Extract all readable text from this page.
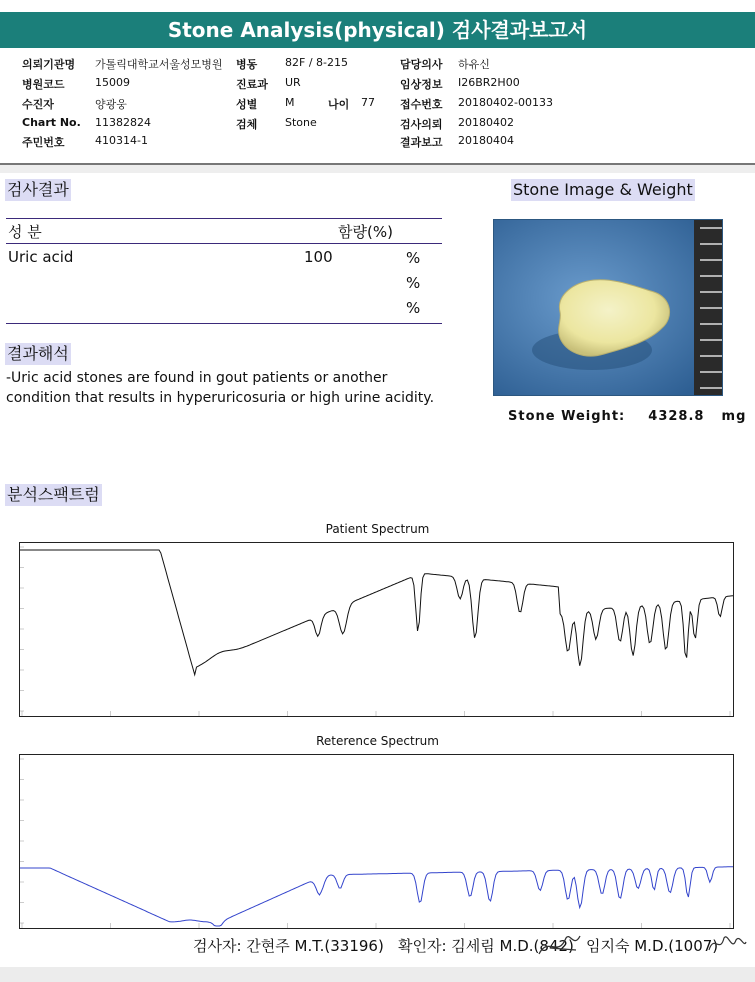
Stone Analysis(physical) 검사결과보고서
의뢰기관명 가톨릭대학교서울성모병원 병동	82F / 8-215	담당의사 하유신
병원코드	15009	진료과 UR	임상정보 I26BR2H00
수진자	양광웅	성별	M	나이 77 접수번호 20180402-00133
Chart No. 11382824	검체	Stone	검사의뢰 20180402
주민번호	410314-1	결과보고 20180404
검사결과
성 분	함량(%)
Uric acid	100	%
%
%
Stone Image & Weight
Stone Weight: 4328.8 mg
결과해석
-Uric acid stones are found in gout patients or another
condition that results in hyperuricosuria or high urine acidity.
분석스팩트럼
Patient Spectrum
Reterence Spectrum
검사자: 간현주 M.T.(33196) 확인자: 김세림 M.D.(842) 임지숙 M.D.(1007)
